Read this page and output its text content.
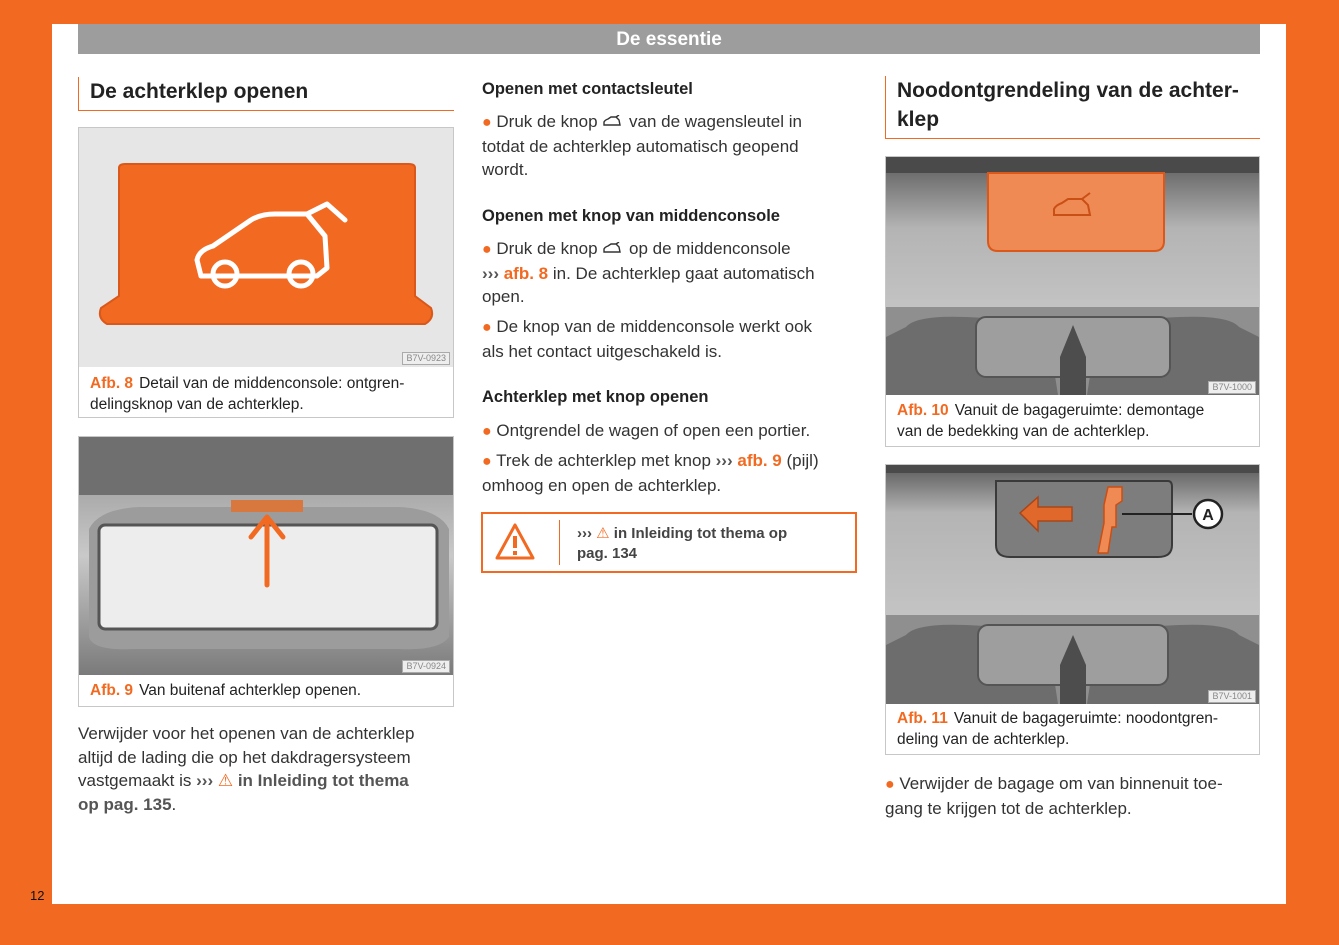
De essentie
12
De achterklep openen
B7V-0923
Afb. 8 Detail van de middenconsole: ontgren-
delingsknop van de achterklep.
B7V-0924
Afb. 9 Van buitenaf achterklep openen.
Verwijder voor het openen van de achterklep
altijd de lading die op het dakdragersysteem
vastgemaakt is ››› ⚠ in Inleiding tot thema
op pag. 135.
Openen met contactsleutel
● Druk de knop van de wagensleutel in
totdat de achterklep automatisch geopend
wordt.
Openen met knop van middenconsole
● Druk de knop op de middenconsole
››› afb. 8 in. De achterklep gaat automatisch
open.
● De knop van de middenconsole werkt ook
als het contact uitgeschakeld is.
Achterklep met knop openen
● Ontgrendel de wagen of open een portier.
● Trek de achterklep met knop ››› afb. 9 (pijl)
omhoog en open de achterklep.
››› ⚠ in Inleiding tot thema op
pag. 134
Noodontgrendeling van de achter-
klep
B7V-1000
Afb. 10 Vanuit de bagageruimte: demontage
van de bedekking van de achterklep.
A
B7V-1001
Afb. 11 Vanuit de bagageruimte: noodontgren-
deling van de achterklep.
● Verwijder de bagage om van binnenuit toe-
gang te krijgen tot de achterklep.
